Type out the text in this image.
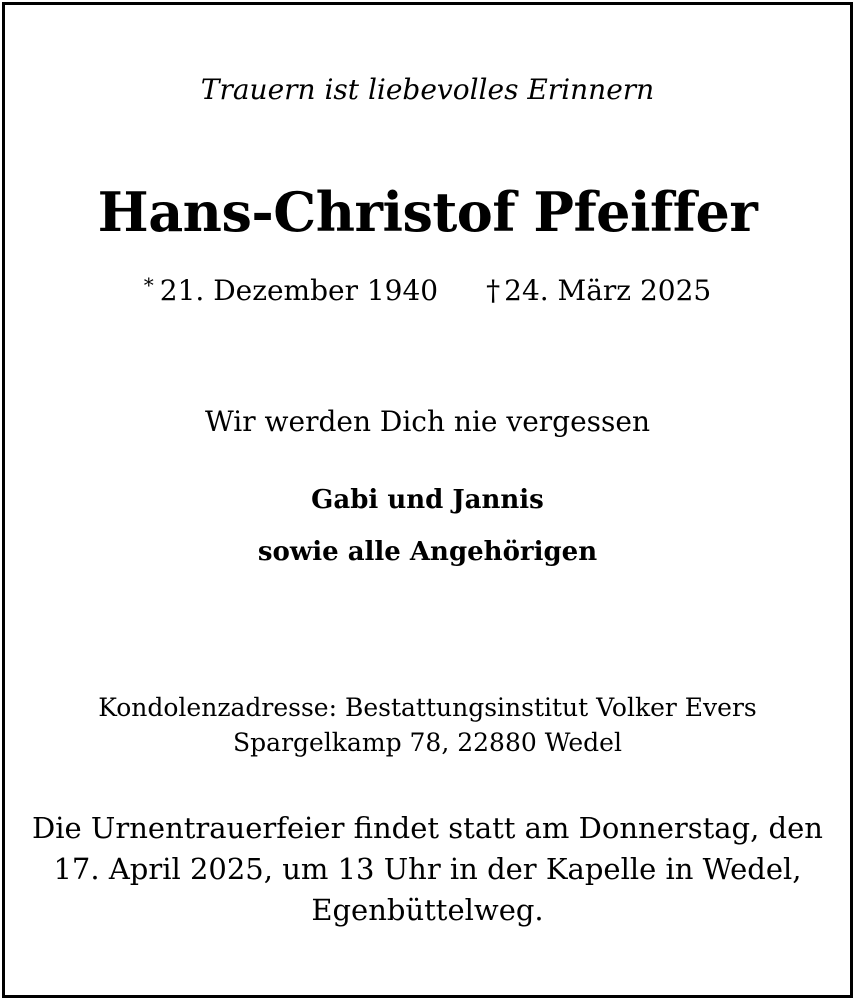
Trauern ist liebevolles Erinnern
Hans-Christof Pfeiffer
* 21. Dezember 1940 † 24. März 2025
Wir werden Dich nie vergessen
Gabi und Jannis
sowie alle Angehörigen
Kondolenzadresse: Bestattungsinstitut Volker Evers
Spargelkamp 78, 22880 Wedel
Die Urnentrauerfeier findet statt am Donnerstag, den
17. April 2025, um 13 Uhr in der Kapelle in Wedel,
Egenbüttelweg.
